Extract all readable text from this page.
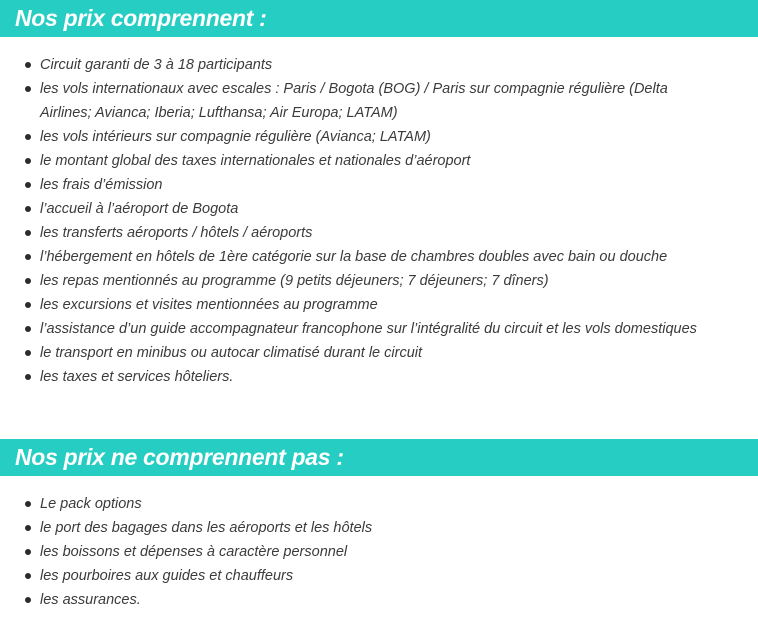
Nos prix comprennent :
Circuit garanti de 3 à 18 participants
les vols internationaux avec escales : Paris / Bogota (BOG) / Paris sur compagnie régulière (Delta Airlines; Avianca; Iberia; Lufthansa; Air Europa; LATAM)
les vols intérieurs sur compagnie régulière (Avianca; LATAM)
le montant global des taxes internationales et nationales d’aéroport
les frais d’émission
l’accueil à l’aéroport de Bogota
les transferts aéroports / hôtels / aéroports
l’hébergement en hôtels de 1ère catégorie sur la base de chambres doubles avec bain ou douche
les repas mentionnés au programme (9 petits déjeuners; 7 déjeuners; 7 dîners)
les excursions et visites mentionnées au programme
l’assistance d’un guide accompagnateur francophone sur l’intégralité du circuit et les vols domestiques
le transport en minibus ou autocar climatisé durant le circuit
les taxes et services hôteliers.
Nos prix ne comprennent pas :
Le pack options
le port des bagages dans les aéroports et les hôtels
les boissons et dépenses à caractère personnel
les pourboires aux guides et chauffeurs
les assurances.
